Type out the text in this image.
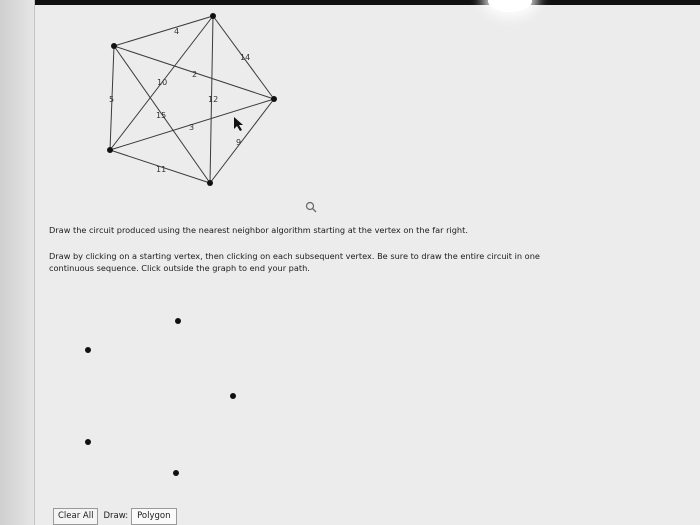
4
14
2
10
5	12
15
3
9
11
Draw the circuit produced using the nearest neighbor algorithm starting at the vertex on the far right.
Draw by clicking on a starting vertex, then clicking on each subsequent vertex. Be sure to draw the entire circuit in one continuous sequence. Click outside the graph to end your path.
Clear All	Draw:	Polygon
